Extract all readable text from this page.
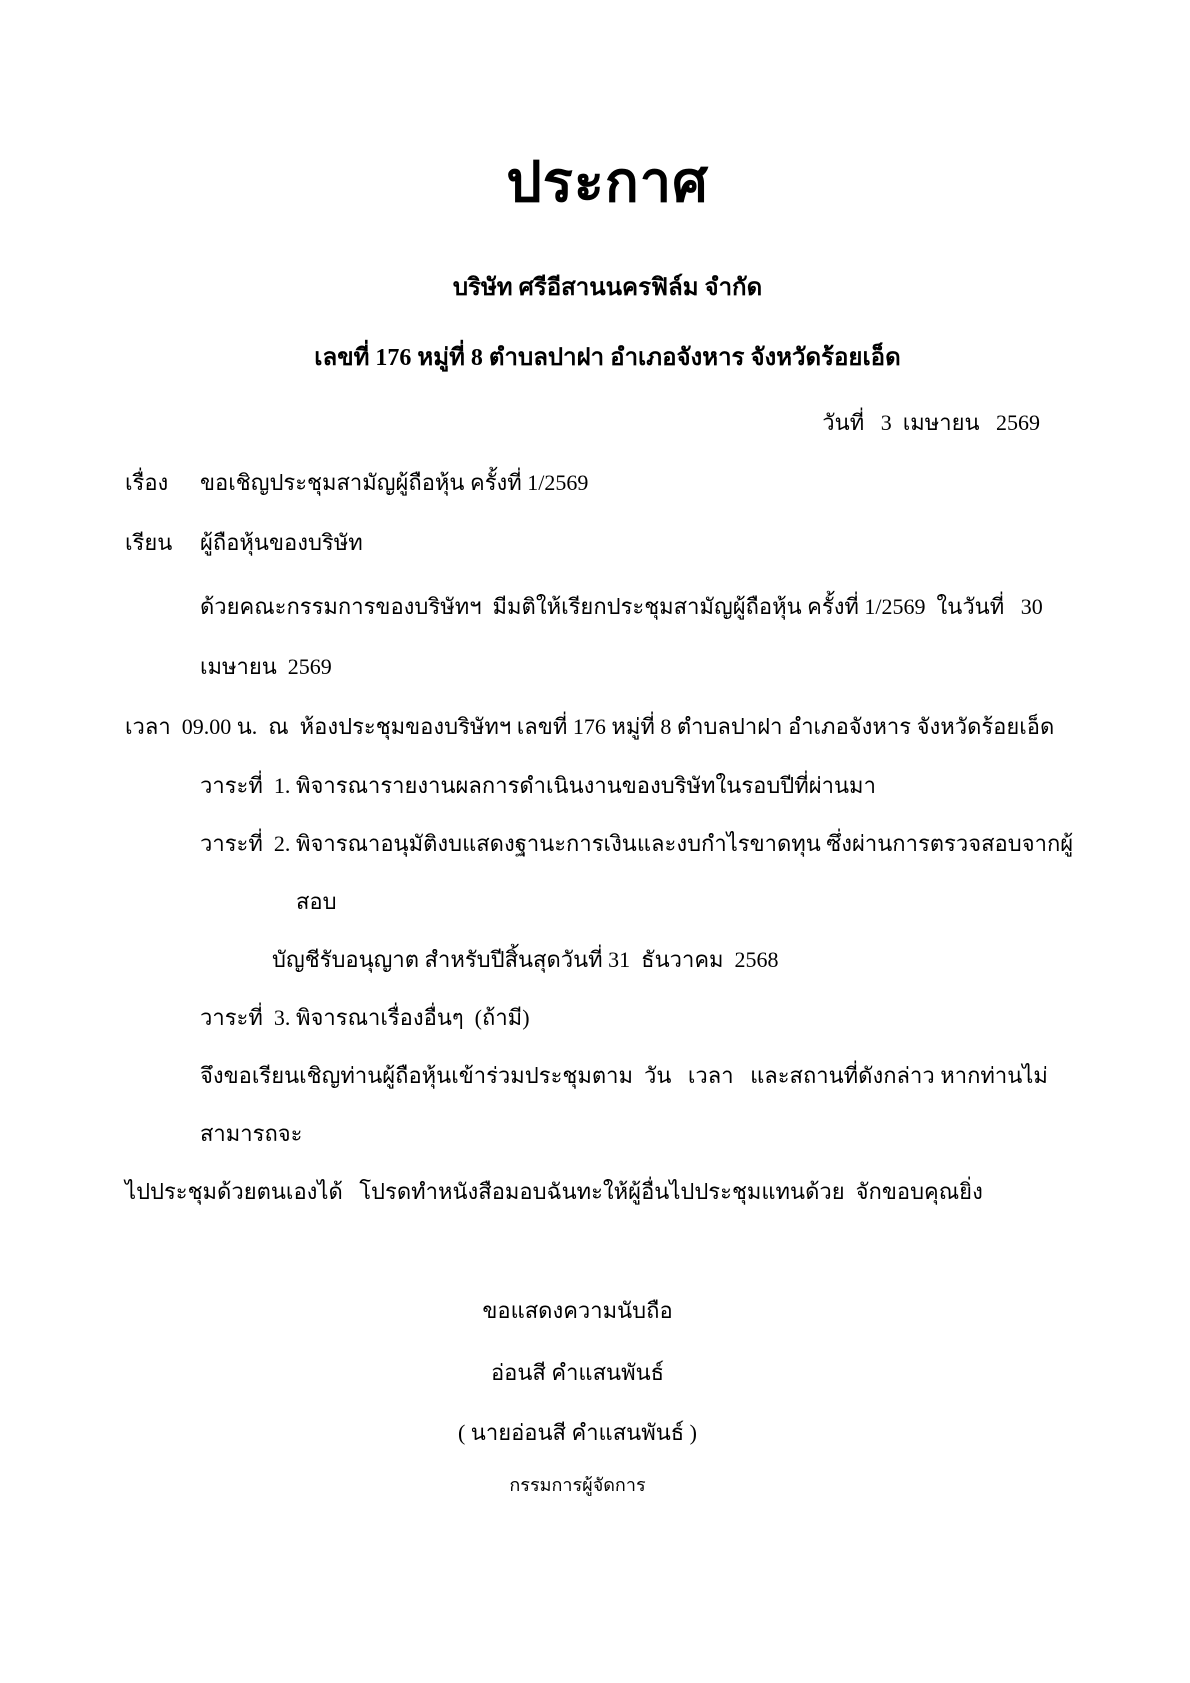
ประกาศ
บริษัท ศรีอีสานนครฟิล์ม จำกัด
เลขที่ 176 หมู่ที่ 8 ตำบลปาฝา อำเภอจังหาร จังหวัดร้อยเอ็ด
วันที่   3  เมษายน   2569
เรื่อง	ขอเชิญประชุมสามัญผู้ถือหุ้น ครั้งที่ 1/2569
เรียน	ผู้ถือหุ้นของบริษัท
ด้วยคณะกรรมการของบริษัทฯ  มีมติให้เรียกประชุมสามัญผู้ถือหุ้น ครั้งที่ 1/2569  ในวันที่   30  เมษายน  2569
เวลา  09.00 น.  ณ  ห้องประชุมของบริษัทฯ เลขที่ 176 หมู่ที่ 8 ตำบลปาฝา อำเภอจังหาร จังหวัดร้อยเอ็ด
วาระที่  1. พิจารณารายงานผลการดำเนินงานของบริษัทในรอบปีที่ผ่านมา
วาระที่  2. พิจารณาอนุมัติงบแสดงฐานะการเงินและงบกำไรขาดทุน ซึ่งผ่านการตรวจสอบจากผู้สอบ
บัญชีรับอนุญาต สำหรับปีสิ้นสุดวันที่ 31  ธันวาคม  2568
วาระที่  3. พิจารณาเรื่องอื่นๆ  (ถ้ามี)
จึงขอเรียนเชิญท่านผู้ถือหุ้นเข้าร่วมประชุมตาม  วัน   เวลา   และสถานที่ดังกล่าว หากท่านไม่สามารถจะ
ไปประชุมด้วยตนเองได้   โปรดทำหนังสือมอบฉันทะให้ผู้อื่นไปประชุมแทนด้วย  จักขอบคุณยิ่ง
ขอแสดงความนับถือ
อ่อนสี คำแสนพันธ์
( นายอ่อนสี คำแสนพันธ์ )
กรรมการผู้จัดการ
